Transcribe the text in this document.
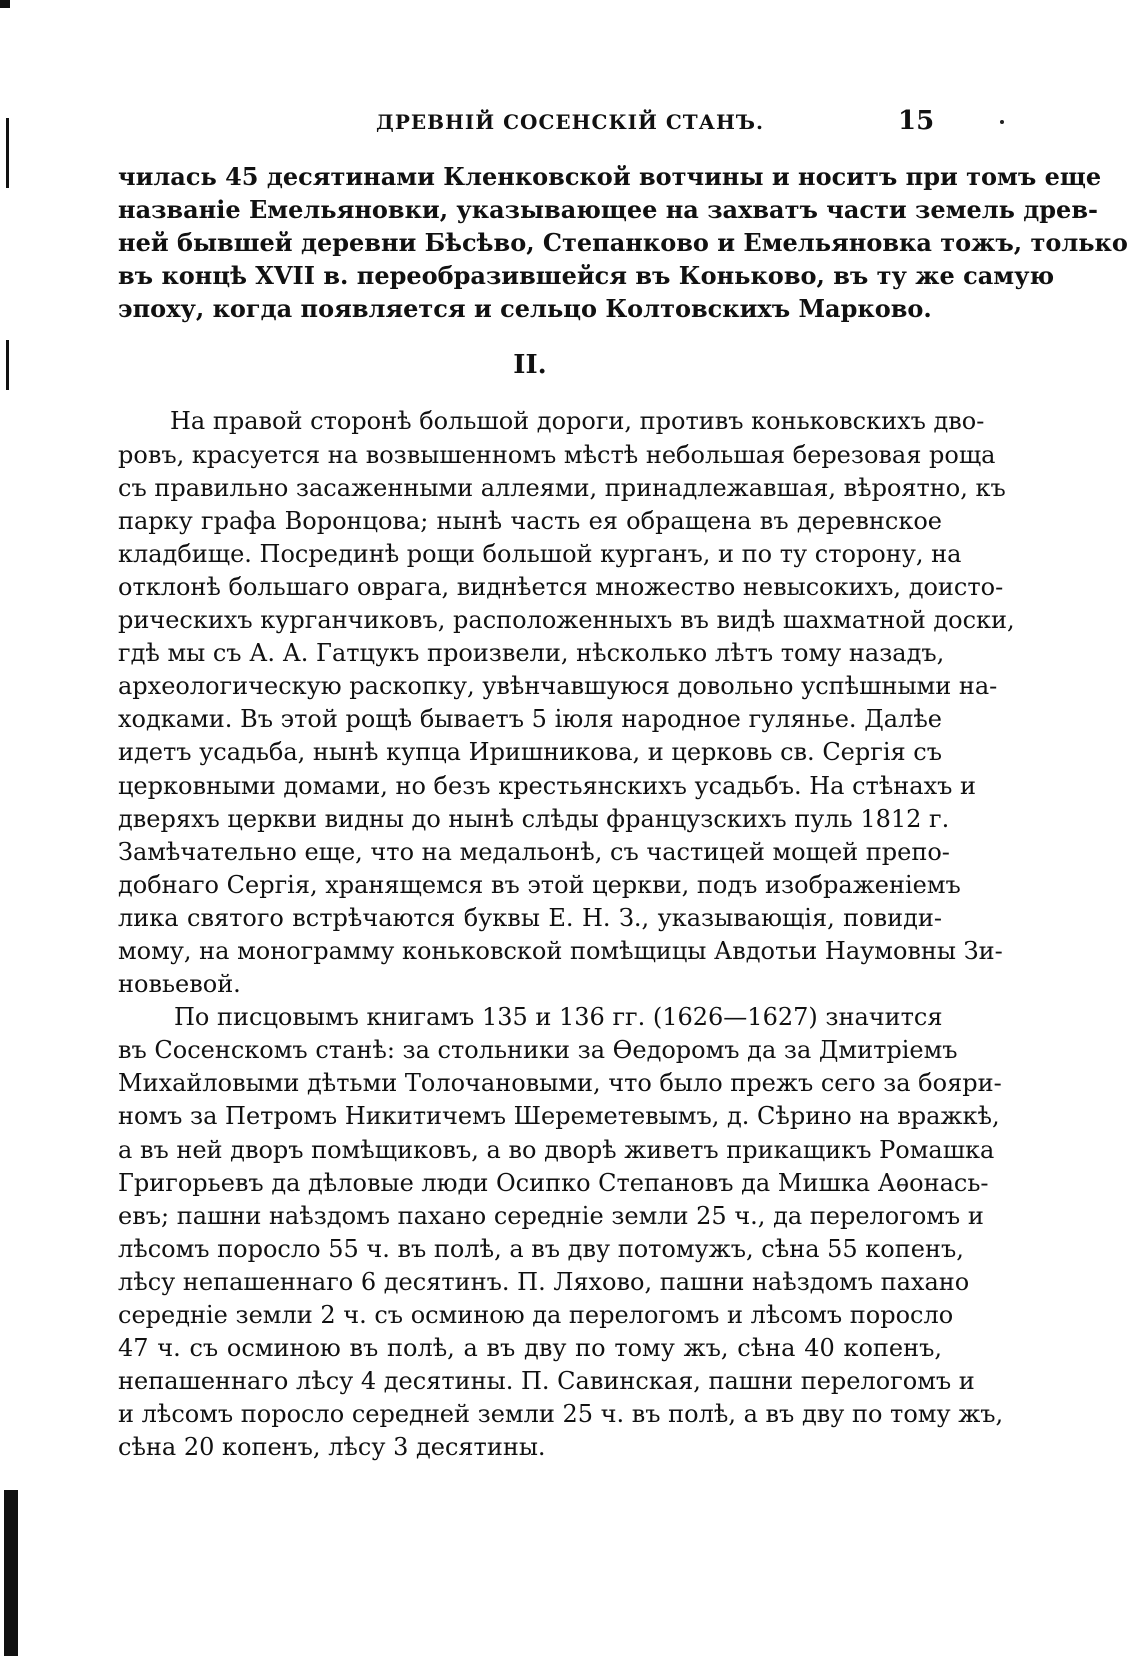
ДРЕВНІЙ СОСЕНСКІЙ СТАНЪ.	15
чилась 45 десятинами Кленковской вотчины и носитъ при томъ еще
названіе Емельяновки, указывающее на захватъ части земель древ-
ней бывшей деревни Бѣсѣво, Степанково и Емельяновка тожъ, только
въ концѣ XVII в. переобразившейся въ Коньково, въ ту же самую
эпоху, когда появляется и сельцо Колтовскихъ Марково.
II.
На правой сторонѣ большой дороги, противъ коньковскихъ дво-
ровъ, красуется на возвышенномъ мѣстѣ небольшая березовая роща
съ правильно засаженными аллеями, принадлежавшая, вѣроятно, къ
парку графа Воронцова; нынѣ часть ея обращена въ деревнское
кладбище. Посрединѣ рощи большой курганъ, и по ту сторону, на
отклонѣ большаго оврага, виднѣется множество невысокихъ, доисто-
рическихъ курганчиковъ, расположенныхъ въ видѣ шахматной доски,
гдѣ мы съ А. А. Гатцукъ произвели, нѣсколько лѣтъ тому назадъ,
археологическую раскопку, увѣнчавшуюся довольно успѣшными на-
ходками. Въ этой рощѣ бываетъ 5 іюля народное гулянье. Далѣе
идетъ усадьба, нынѣ купца Иришникова, и церковь св. Сергія съ
церковными домами, но безъ крестьянскихъ усадьбъ. На стѣнахъ и
дверяхъ церкви видны до нынѣ слѣды французскихъ пуль 1812 г.
Замѣчательно еще, что на медальонѣ, съ частицей мощей препо-
добнаго Сергія, хранящемся въ этой церкви, подъ изображеніемъ
лика святого встрѣчаются буквы Е. Н. З., указывающія, повиди-
мому, на монограмму коньковской помѣщицы Авдотьи Наумовны Зи-
новьевой.
По писцовымъ книгамъ 135 и 136 гг. (1626—1627) значится
въ Сосенскомъ станѣ: за стольники за Ѳедоромъ да за Дмитріемъ
Михайловыми дѣтьми Толочановыми, что было прежъ сего за бояри-
номъ за Петромъ Никитичемъ Шереметевымъ, д. Сѣрино на вражкѣ,
а въ ней дворъ помѣщиковъ, а во дворѣ живетъ прикащикъ Ромашка
Григорьевъ да дѣловые люди Осипко Степановъ да Мишка Аѳонась-
евъ; пашни наѣздомъ пахано середніе земли 25 ч., да перелогомъ и
лѣсомъ поросло 55 ч. въ полѣ, а въ дву потомужъ, сѣна 55 копенъ,
лѣсу непашеннаго 6 десятинъ. П. Ляхово, пашни наѣздомъ пахано
середніе земли 2 ч. съ осминою да перелогомъ и лѣсомъ поросло
47 ч. съ осминою въ полѣ, а въ дву по тому жъ, сѣна 40 копенъ,
непашеннаго лѣсу 4 десятины. П. Савинская, пашни перелогомъ и
и лѣсомъ поросло середней земли 25 ч. въ полѣ, а въ дву по тому жъ,
сѣна 20 копенъ, лѣсу 3 десятины.
